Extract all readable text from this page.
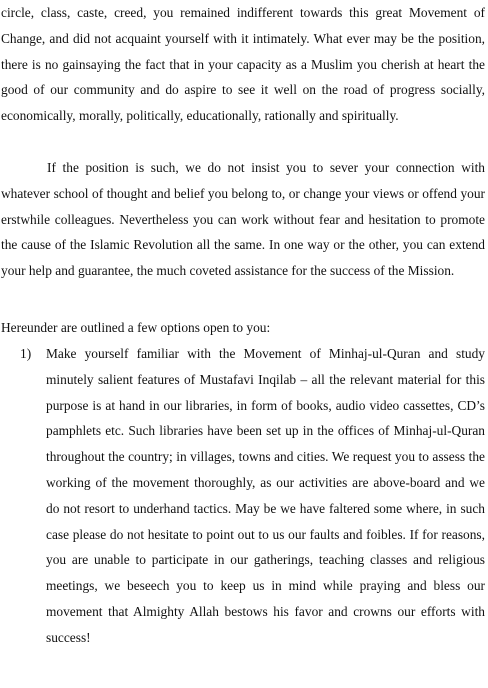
circle, class, caste, creed, you remained indifferent towards this great Movement of Change, and did not acquaint yourself with it intimately. What ever may be the position, there is no gainsaying the fact that in your capacity as a Muslim you cherish at heart the good of our community and do aspire to see it well on the road of progress socially, economically, morally, politically, educationally, rationally and spiritually.

If the position is such, we do not insist you to sever your connection with whatever school of thought and belief you belong to, or change your views or offend your erstwhile colleagues. Nevertheless you can work without fear and hesitation to promote the cause of the Islamic Revolution all the same. In one way or the other, you can extend your help and guarantee, the much coveted assistance for the success of the Mission.

Hereunder are outlined a few options open to you:

1) Make yourself familiar with the Movement of Minhaj-ul-Quran and study minutely salient features of Mustafavi Inqilab – all the relevant material for this purpose is at hand in our libraries, in form of books, audio video cassettes, CD’s pamphlets etc. Such libraries have been set up in the offices of Minhaj-ul-Quran throughout the country; in villages, towns and cities. We request you to assess the working of the movement thoroughly, as our activities are above-board and we do not resort to underhand tactics. May be we have faltered some where, in such case please do not hesitate to point out to us our faults and foibles. If for reasons, you are unable to participate in our gatherings, teaching classes and religious meetings, we beseech you to keep us in mind while praying and bless our movement that Almighty Allah bestows his favor and crowns our efforts with success!
